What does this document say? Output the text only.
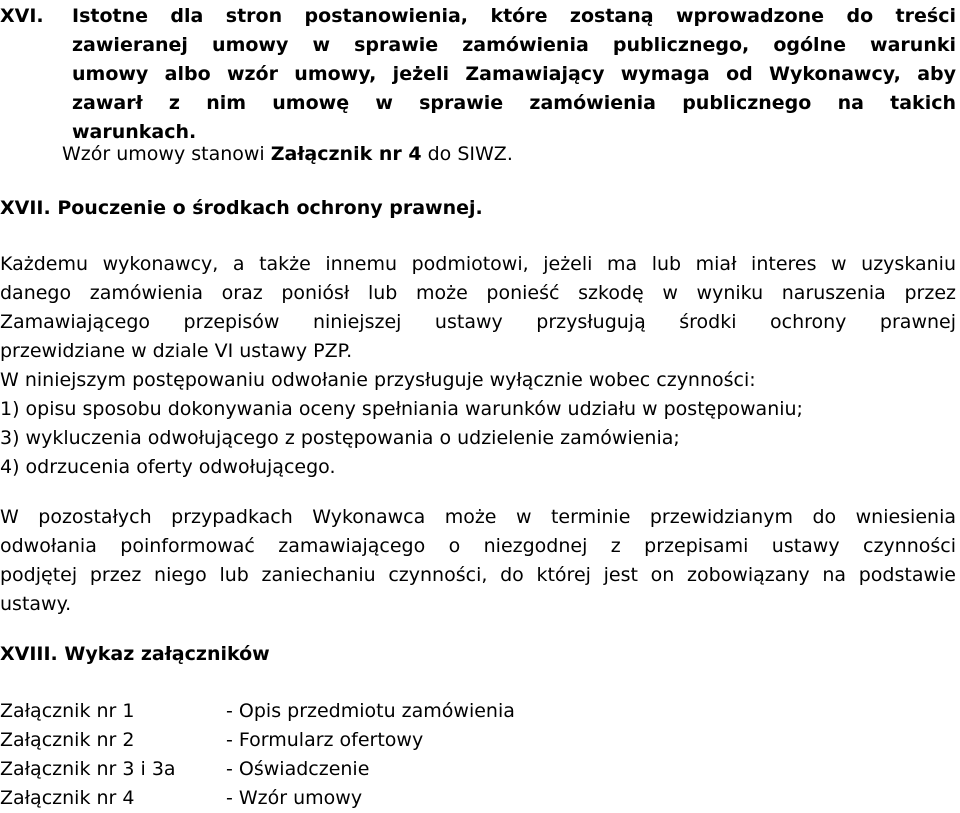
XVI.	Istotne dla stron postanowienia, które zostaną wprowadzone do treści
zawieranej umowy w sprawie zamówienia publicznego, ogólne warunki
umowy albo wzór umowy, jeżeli Zamawiający wymaga od Wykonawcy, aby
zawarł z nim umowę w sprawie zamówienia publicznego na takich
warunkach.
Wzór umowy stanowi Załącznik nr 4 do SIWZ.
XVII. Pouczenie o środkach ochrony prawnej.
Każdemu wykonawcy, a także innemu podmiotowi, jeżeli ma lub miał interes w uzyskaniu
danego zamówienia oraz poniósł lub może ponieść szkodę w wyniku naruszenia przez
Zamawiającego przepisów niniejszej ustawy przysługują środki ochrony prawnej
przewidziane w dziale VI ustawy PZP.
W niniejszym postępowaniu odwołanie przysługuje wyłącznie wobec czynności:
1) opisu sposobu dokonywania oceny spełniania warunków udziału w postępowaniu;
3) wykluczenia odwołującego z postępowania o udzielenie zamówienia;
4) odrzucenia oferty odwołującego.
W pozostałych przypadkach Wykonawca może w terminie przewidzianym do wniesienia
odwołania poinformować zamawiającego o niezgodnej z przepisami ustawy czynności
podjętej przez niego lub zaniechaniu czynności, do której jest on zobowiązany na podstawie
ustawy.
XVIII. Wykaz załączników
Załącznik nr 1
Załącznik nr 2
Załącznik nr 3 i 3a
Załącznik nr 4
- Opis przedmiotu zamówienia
- Formularz ofertowy
- Oświadczenie
- Wzór umowy
